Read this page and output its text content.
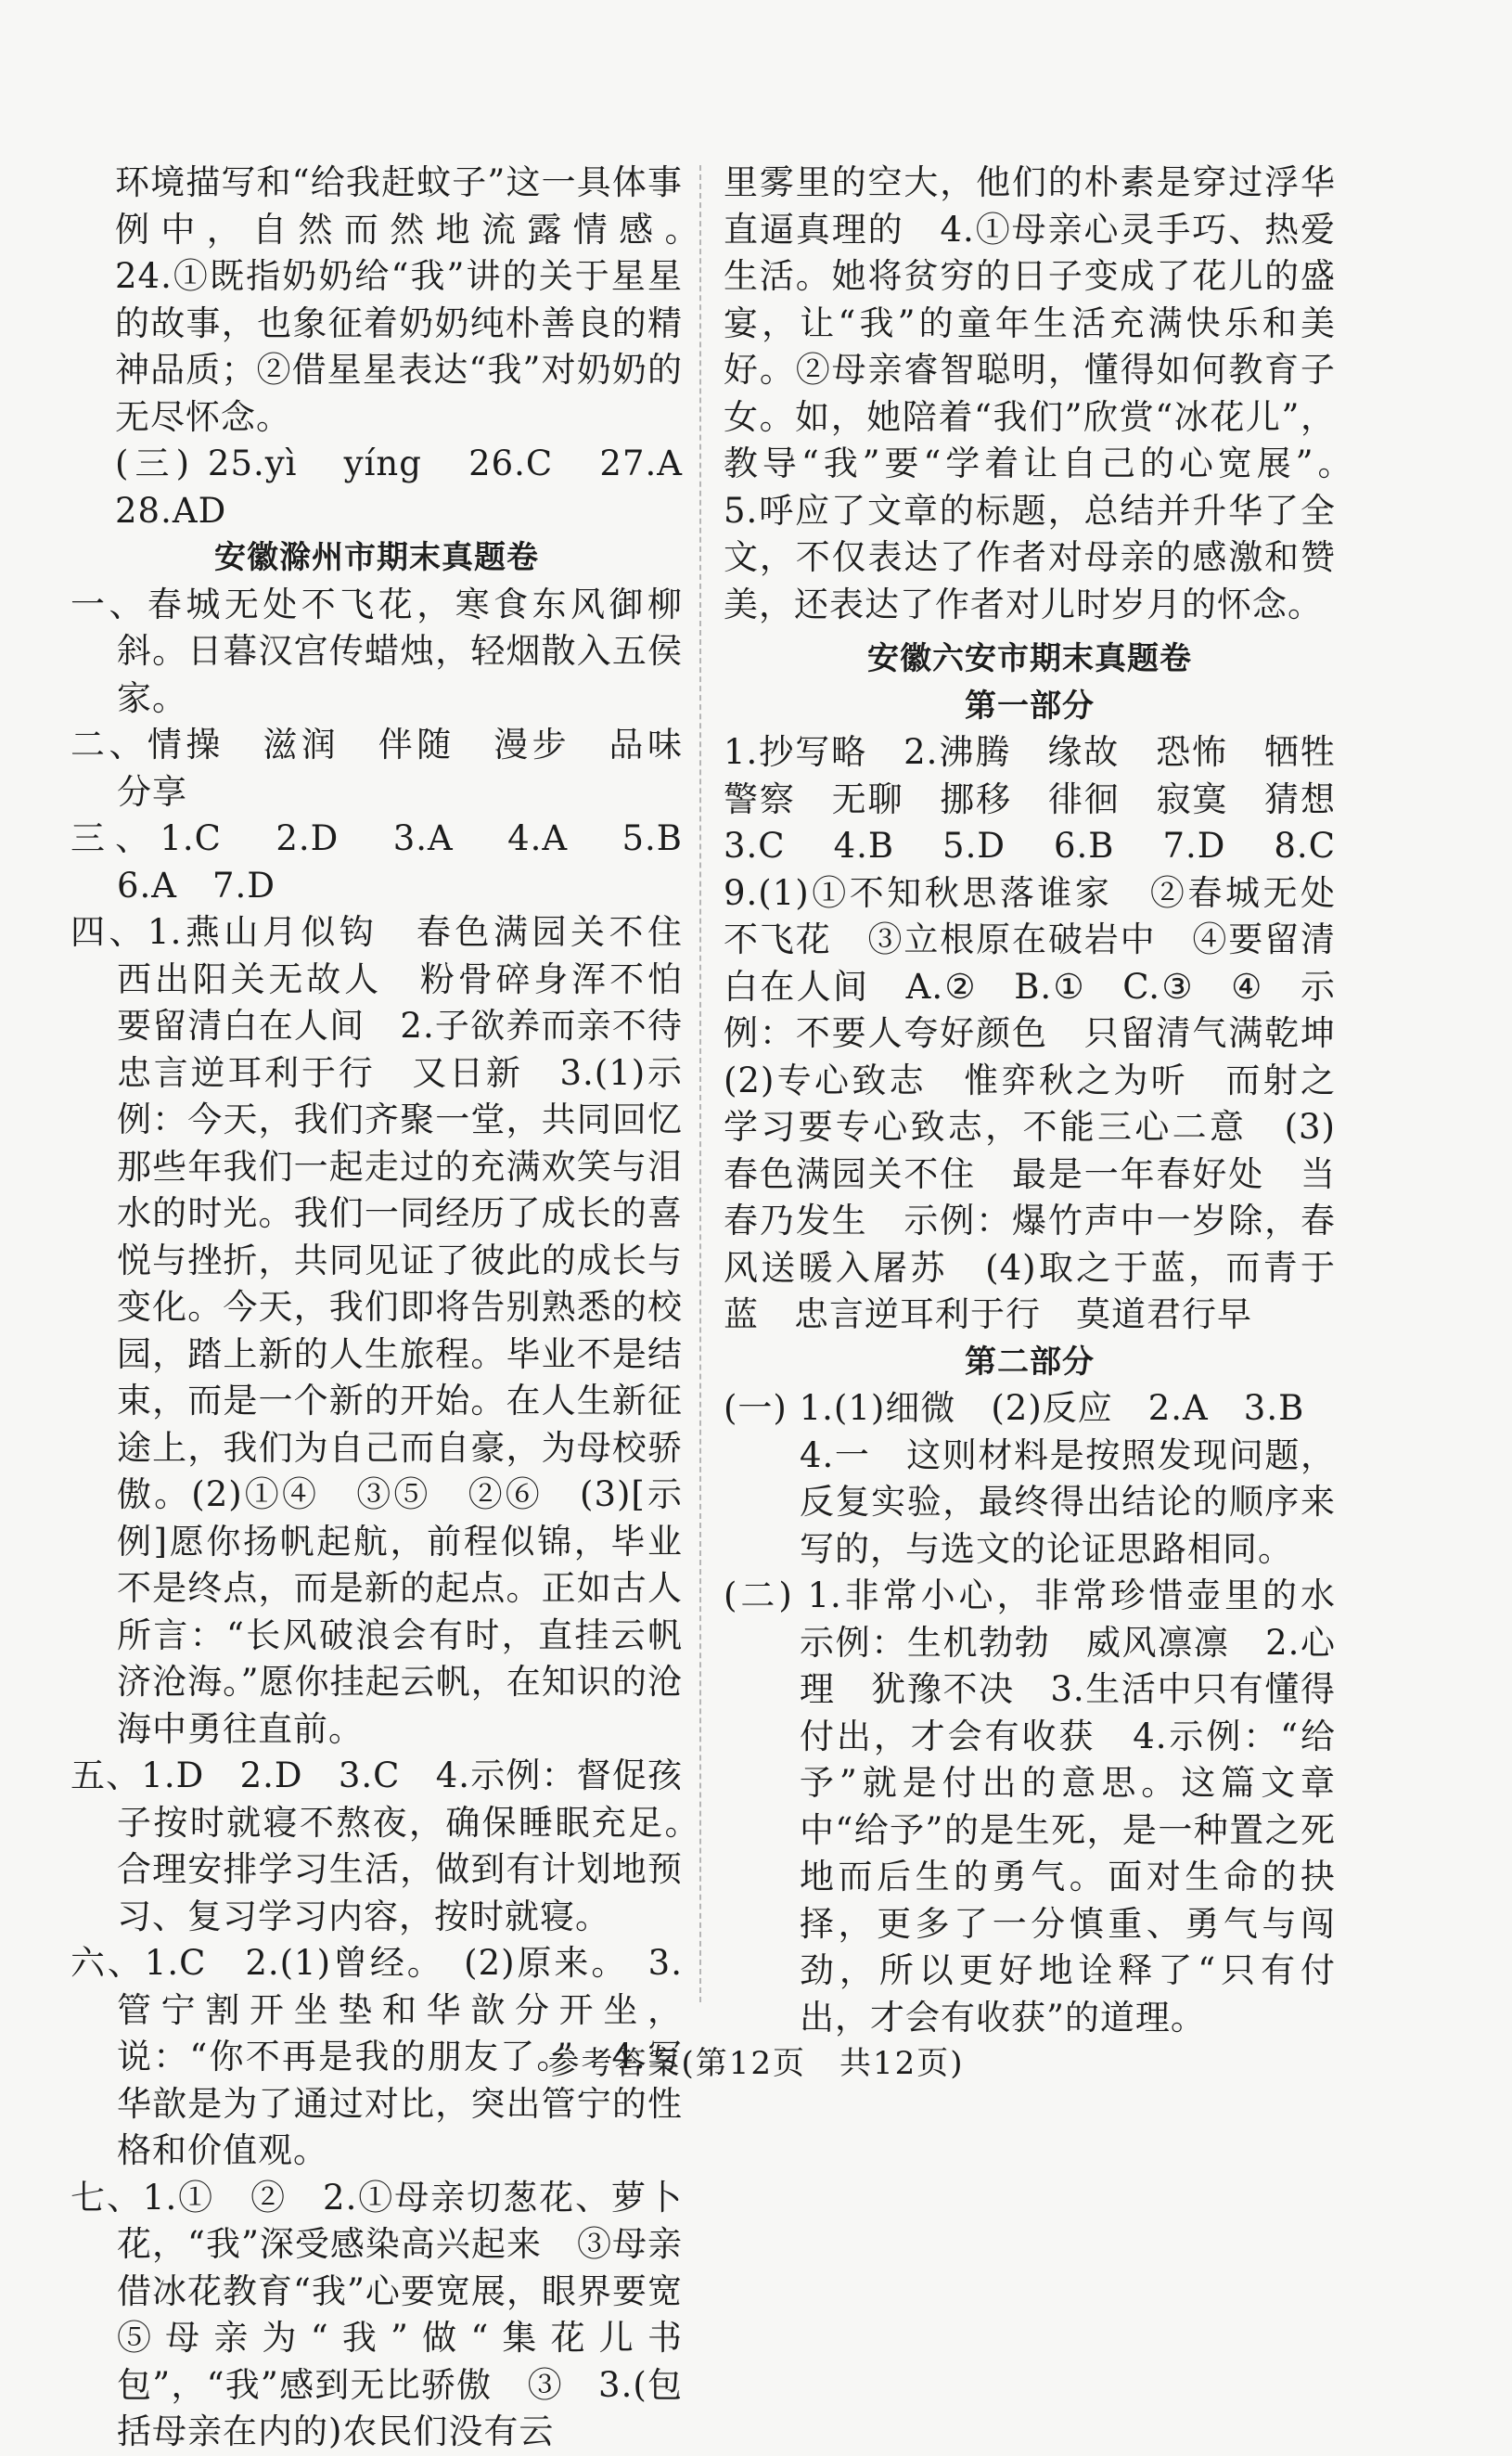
环境描写和“给我赶蚊子”这一具体事例中，自然而然地流露情感。　24.①既指奶奶给“我”讲的关于星星的故事，也象征着奶奶纯朴善良的精神品质；②借星星表达“我”对奶奶的无尽怀念。

(三) 25.yì　yíng　26.C　27.A　28.AD

安徽滁州市期末真题卷

一、春城无处不飞花，寒食东风御柳斜。日暮汉宫传蜡烛，轻烟散入五侯家。

二、情操　滋润　伴随　漫步　品味　分享

三、1.C　2.D　3.A　4.A　5.B　6.A　7.D

四、1.燕山月似钩　春色满园关不住　西出阳关无故人　粉骨碎身浑不怕　要留清白在人间　2.子欲养而亲不待　忠言逆耳利于行　又日新　3.(1)示例：今天，我们齐聚一堂，共同回忆那些年我们一起走过的充满欢笑与泪水的时光。我们一同经历了成长的喜悦与挫折，共同见证了彼此的成长与变化。今天，我们即将告别熟悉的校园，踏上新的人生旅程。毕业不是结束，而是一个新的开始。在人生新征途上，我们为自己而自豪，为母校骄傲。(2)①④　③⑤　②⑥　(3)[示例]愿你扬帆起航，前程似锦，毕业不是终点，而是新的起点。正如古人所言：“长风破浪会有时，直挂云帆济沧海。”愿你挂起云帆，在知识的沧海中勇往直前。

五、1.D　2.D　3.C　4.示例：督促孩子按时就寝不熬夜，确保睡眠充足。　合理安排学习生活，做到有计划地预习、复习学习内容，按时就寝。

六、1.C　2.(1)曾经。　(2)原来。　3.管宁割开坐垫和华歆分开坐，说：“你不再是我的朋友了。”　4.写华歆是为了通过对比，突出管宁的性格和价值观。

七、1.①　②　2.①母亲切葱花、萝卜花，“我”深受感染高兴起来　③母亲借冰花教育“我”心要宽展，眼界要宽　⑤母亲为“我”做“集花儿书包”，“我”感到无比骄傲　③　3.(包括母亲在内的)农民们没有云

里雾里的空大，他们的朴素是穿过浮华直逼真理的　4.①母亲心灵手巧、热爱生活。她将贫穷的日子变成了花儿的盛宴，让“我”的童年生活充满快乐和美好。②母亲睿智聪明，懂得如何教育子女。如，她陪着“我们”欣赏“冰花儿”，教导“我”要“学着让自己的心宽展”。　5.呼应了文章的标题，总结并升华了全文，不仅表达了作者对母亲的感激和赞美，还表达了作者对儿时岁月的怀念。

安徽六安市期末真题卷

第一部分

1.抄写略　2.沸腾　缘故　恐怖　牺牲　警察　无聊　挪移　徘徊　寂寞　猜想　3.C　4.B　5.D　6.B　7.D　8.C　9.(1)①不知秋思落谁家　②春城无处不飞花　③立根原在破岩中　④要留清白在人间　A.②　B.①　C.③　④　示例：不要人夸好颜色　只留清气满乾坤　(2)专心致志　惟弈秋之为听　而射之　学习要专心致志，不能三心二意　(3)春色满园关不住　最是一年春好处　当春乃发生　示例：爆竹声中一岁除，春风送暖入屠苏　(4)取之于蓝，而青于蓝　忠言逆耳利于行　莫道君行早

第二部分

(一) 1.(1)细微　(2)反应　2.A　3.B

4.一　这则材料是按照发现问题，反复实验，最终得出结论的顺序来写的，与选文的论证思路相同。

(二) 1.非常小心，非常珍惜壶里的水　示例：生机勃勃　威风凛凛　2.心理　犹豫不决　3.生活中只有懂得付出，才会有收获　4.示例：“给予”就是付出的意思。这篇文章中“给予”的是生死，是一种置之死地而后生的勇气。面对生命的抉择，更多了一分慎重、勇气与闯劲，所以更好地诠释了“只有付出，才会有收获”的道理。

参考答案(第12页　共12页)
